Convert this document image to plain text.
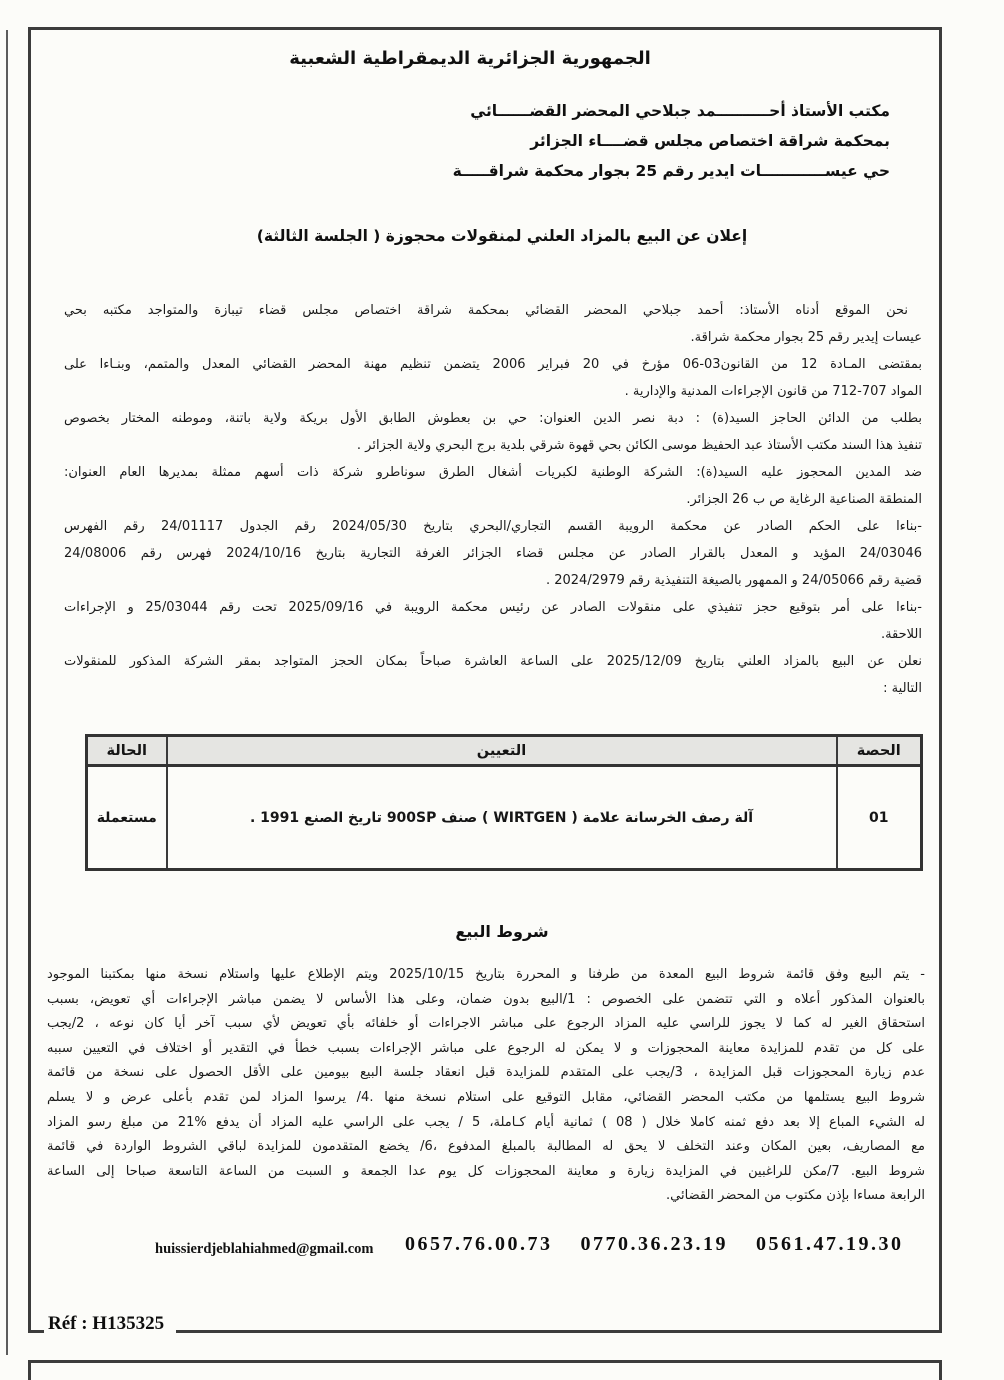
الجمهورية الجزائرية الديمقراطية الشعبية
مكتب الأستاذ أحــــــــــمد جبلاحي المحضر القضــــــائي
بمحكمة شراقة اختصاص مجلس قضــــاء الجزائر
حي عيســــــــــــات ايدير رقم 25 بجوار محكمة شراقـــــة
إعلان عن البيع بالمزاد العلني لمنقولات محجوزة ( الجلسة الثالثة)
نحن الموقع أدناه الأستاذ: أحمد جبلاحي المحضر القضائي بمحكمة شراقة اختصاص مجلس قضاء تيبازة والمتواجد مكتبه بحي
عيسات إيدير رقم 25 بجوار محكمة شراقة.
بمقتضى المـادة 12 من القانون03-06 مؤرخ في 20 فبراير 2006 يتضمن تنظيم مهنة المحضر القضائي المعدل والمتمم، وبنـاءا على
المواد 707-712 من قانون الإجراءات المدنية والإدارية .
بطلب من الدائن الحاجز السيد(ة) : دبة نصر الدين العنوان: حي بن بعطوش الطابق الأول بريكة ولاية باتنة، وموطنه المختار بخصوص
تنفيذ هذا السند مكتب الأستاذ عبد الحفيظ موسى الكائن بحي قهوة شرقي بلدية برج البحري ولاية الجزائر .
ضد المدين المحجوز عليه السيد(ة): الشركة الوطنية لكبريات أشغال الطرق سوناطرو شركة ذات أسهم ممثلة بمديرها العام العنوان:
المنطقة الصناعية الرغاية ص ب 26 الجزائر.
-بناءا على الحكم الصادر عن محكمة الرويبة القسم التجاري/البحري بتاريخ 2024/05/30 رقم الجدول 24/01117 رقم الفهرس
24/03046 المؤيد و المعدل بالقرار الصادر عن مجلس قضاء الجزائر الغرفة التجارية بتاريخ 2024/10/16 فهرس رقم 24/08006
قضية رقم 24/05066 و الممهور بالصيغة التنفيذية رقم 2024/2979 .
-بناءا على أمر بتوقيع حجز تنفيذي على منقولات الصادر عن رئيس محكمة الرويبة في 2025/09/16 تحت رقم 25/03044 و الإجراءات
اللاحقة.
نعلن عن البيع بالمزاد العلني بتاريخ 2025/12/09 على الساعة العاشرة صباحاً بمكان الحجز المتواجد بمقر الشركة المذكور للمنقولات
التالية :
الحصة	التعيين	الحالة
01	آلة رصف الخرسانة علامة ( WIRTGEN ) صنف 900SP تاريخ الصنع 1991 .	مستعملة
شروط البيع
- يتم البيع وفق قائمة شروط البيع المعدة من طرفنا و المحررة بتاريخ 2025/10/15 ويتم الإطلاع عليها واستلام نسخة منها بمكتبنا الموجود
بالعنوان المذكور أعلاه و التي تتضمن على الخصوص : 1/البيع بدون ضمان، وعلى هذا الأساس لا يضمن مباشر الإجراءات أي تعويض، بسبب
استحقاق الغير له كما لا يجوز للراسي عليه المزاد الرجوع على مباشر الاجراءات أو خلفائه بأي تعويض لأي سبب آخر أيا كان نوعه ، 2/يجب
على كل من تقدم للمزايدة معاينة المحجوزات و لا يمكن له الرجوع على مباشر الإجراءات بسبب خطأ في التقدير أو اختلاف في التعيين سببه
عدم زيارة المحجوزات قبل المزايدة ، 3/يجب على المتقدم للمزايدة قبل انعقاد جلسة البيع بيومين على الأقل الحصول على نسخة من قائمة
شروط البيع يستلمها من مكتب المحضر القضائي، مقابل التوقيع على استلام نسخة منها .4/ يرسوا المزاد لمن تقدم بأعلى عرض و لا يسلم
له الشيء المباع إلا بعد دفع ثمنه كاملا خلال ( 08 ) ثمانية أيام كـاملة، 5 / يجب على الراسي عليه المزاد أن يدفع %21 من مبلغ رسو المزاد
مع المصاريف، بعين المكان وعند التخلف لا يحق له المطالبة بالمبلغ المدفوع ،6/ يخضع المتقدمون للمزايدة لباقي الشروط الواردة في قائمة
شروط البيع. 7/مكن للراغبين في المزايدة زيارة و معاينة المحجوزات كل يوم عدا الجمعة و السبت من الساعة التاسعة صباحا إلى الساعة
الرابعة مساءا بإذن مكتوب من المحضر القضائي.
huissierdjeblahiahmed@gmail.com 0657.76.00.73 0770.36.23.19 0561.47.19.30
Réf : H135325
